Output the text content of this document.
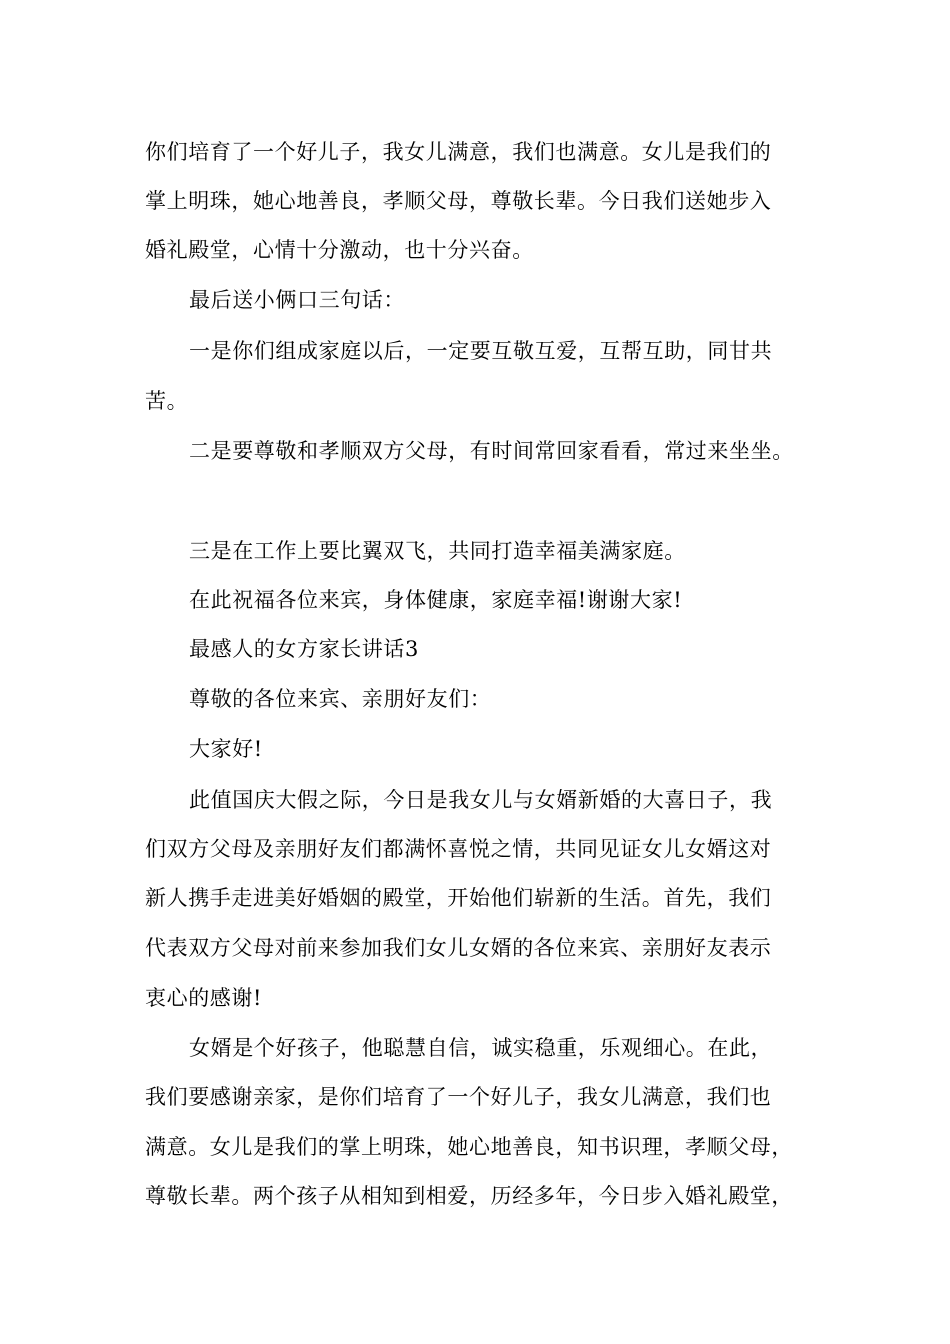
你们培育了一个好儿子，我女儿满意，我们也满意。女儿是我们的
掌上明珠，她心地善良，孝顺父母，尊敬长辈。今日我们送她步入
婚礼殿堂，心情十分激动，也十分兴奋。
最后送小俩口三句话：
一是你们组成家庭以后，一定要互敬互爱，互帮互助，同甘共
苦。
二是要尊敬和孝顺双方父母，有时间常回家看看，常过来坐坐。
三是在工作上要比翼双飞，共同打造幸福美满家庭。
在此祝福各位来宾，身体健康，家庭幸福!谢谢大家!
最感人的女方家长讲话3
尊敬的各位来宾、亲朋好友们：
大家好!
此值国庆大假之际，今日是我女儿与女婿新婚的大喜日子，我
们双方父母及亲朋好友们都满怀喜悦之情，共同见证女儿女婿这对
新人携手走进美好婚姻的殿堂，开始他们崭新的生活。首先，我们
代表双方父母对前来参加我们女儿女婿的各位来宾、亲朋好友表示
衷心的感谢!
女婿是个好孩子，他聪慧自信，诚实稳重，乐观细心。在此，
我们要感谢亲家，是你们培育了一个好儿子，我女儿满意，我们也
满意。女儿是我们的掌上明珠，她心地善良，知书识理，孝顺父母，
尊敬长辈。两个孩子从相知到相爱，历经多年，今日步入婚礼殿堂，
